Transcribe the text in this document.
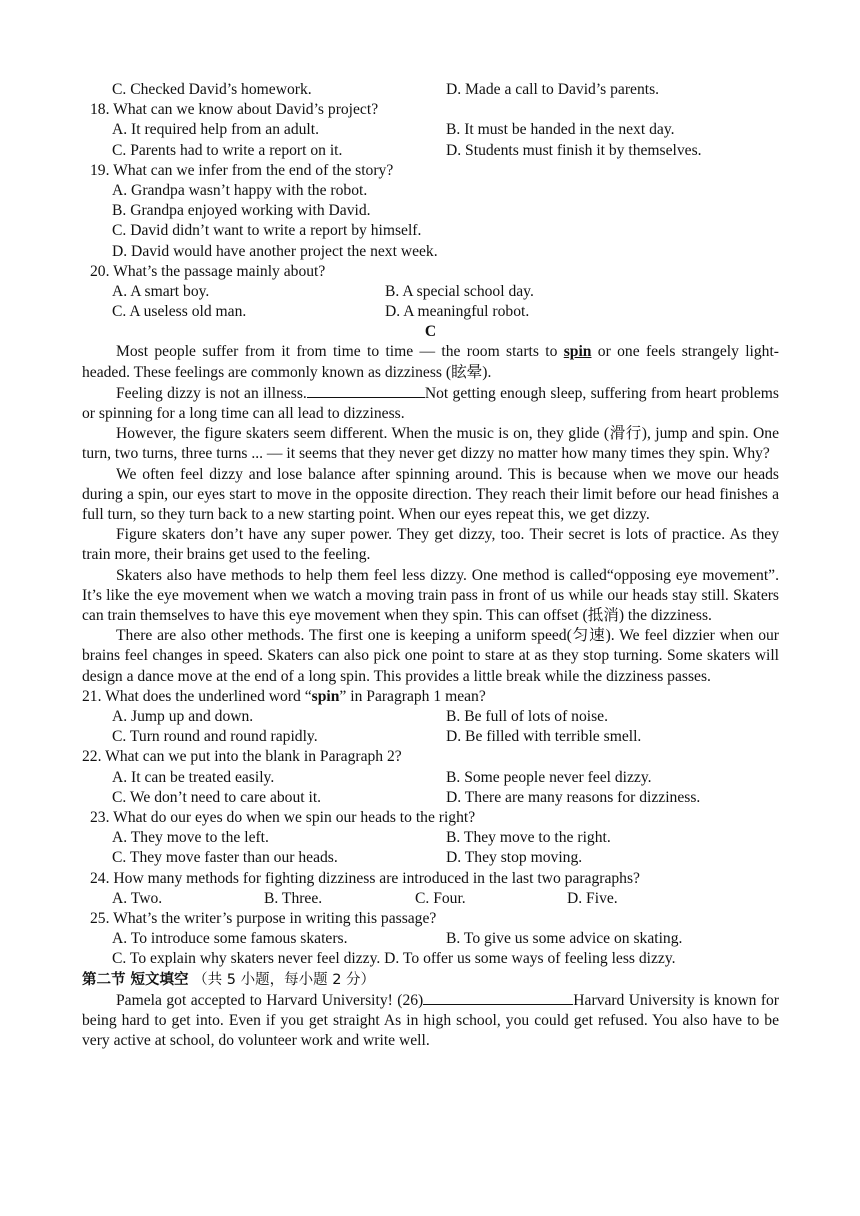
C. Checked David’s homework.	D. Made a call to David’s parents.
18. What can we know about David’s project?
A. It required help from an adult.	B. It must be handed in the next day.
C. Parents had to write a report on it.	D. Students must finish it by themselves.
19. What can we infer from the end of the story?
A. Grandpa wasn’t happy with the robot.
B. Grandpa enjoyed working with David.
C. David didn’t want to write a report by himself.
D. David would have another project the next week.
20. What’s the passage mainly about?
A. A smart boy.	B. A special school day.
C. A useless old man.	D. A meaningful robot.
C

Most people suffer from it from time to time — the room starts to spin or one feels strangely light-headed. These feelings are commonly known as dizziness (眩晕).

Feeling dizzy is not an illness.	Not getting enough sleep, suffering from heart problems or spinning for a long time can all lead to dizziness.

However, the figure skaters seem different. When the music is on, they glide (滑行), jump and spin. One turn, two turns, three turns ... — it seems that they never get dizzy no matter how many times they spin. Why?

We often feel dizzy and lose balance after spinning around. This is because when we move our heads during a spin, our eyes start to move in the opposite direction. They reach their limit before our head finishes a full turn, so they turn back to a new starting point. When our eyes repeat this, we get dizzy.

Figure skaters don’t have any super power. They get dizzy, too. Their secret is lots of practice. As they train more, their brains get used to the feeling.

Skaters also have methods to help them feel less dizzy. One method is called“opposing eye movement”. It’s like the eye movement when we watch a moving train pass in front of us while our heads stay still. Skaters can train themselves to have this eye movement when they spin. This can offset (抵消) the dizziness.

There are also other methods. The first one is keeping a uniform speed(匀速). We feel dizzier when our brains feel changes in speed. Skaters can also pick one point to stare at as they stop turning. Some skaters will design a dance move at the end of a long spin. This provides a little break while the dizziness passes.

21. What does the underlined word “spin” in Paragraph 1 mean?
A. Jump up and down.	B. Be full of lots of noise.
C. Turn round and round rapidly.	D. Be filled with terrible smell.
22. What can we put into the blank in Paragraph 2?
A. It can be treated easily.	B. Some people never feel dizzy.
C. We don’t need to care about it.	D. There are many reasons for dizziness.
23. What do our eyes do when we spin our heads to the right?
A. They move to the left.	B. They move to the right.
C. They move faster than our heads.	D. They stop moving.
24. How many methods for fighting dizziness are introduced in the last two paragraphs?
A. Two.	B. Three.	C. Four.	D. Five.
25. What’s the writer’s purpose in writing this passage?
A. To introduce some famous skaters.	B. To give us some advice on skating.
C. To explain why skaters never feel dizzy. D. To offer us some ways of feeling less dizzy.
第二节 短文填空 （共 5 小题，每小题 2 分）

Pamela got accepted to Harvard University! (26)	Harvard University is known for being hard to get into. Even if you get straight As in high school, you could get refused. You also have to be very active at school, do volunteer work and write well.
